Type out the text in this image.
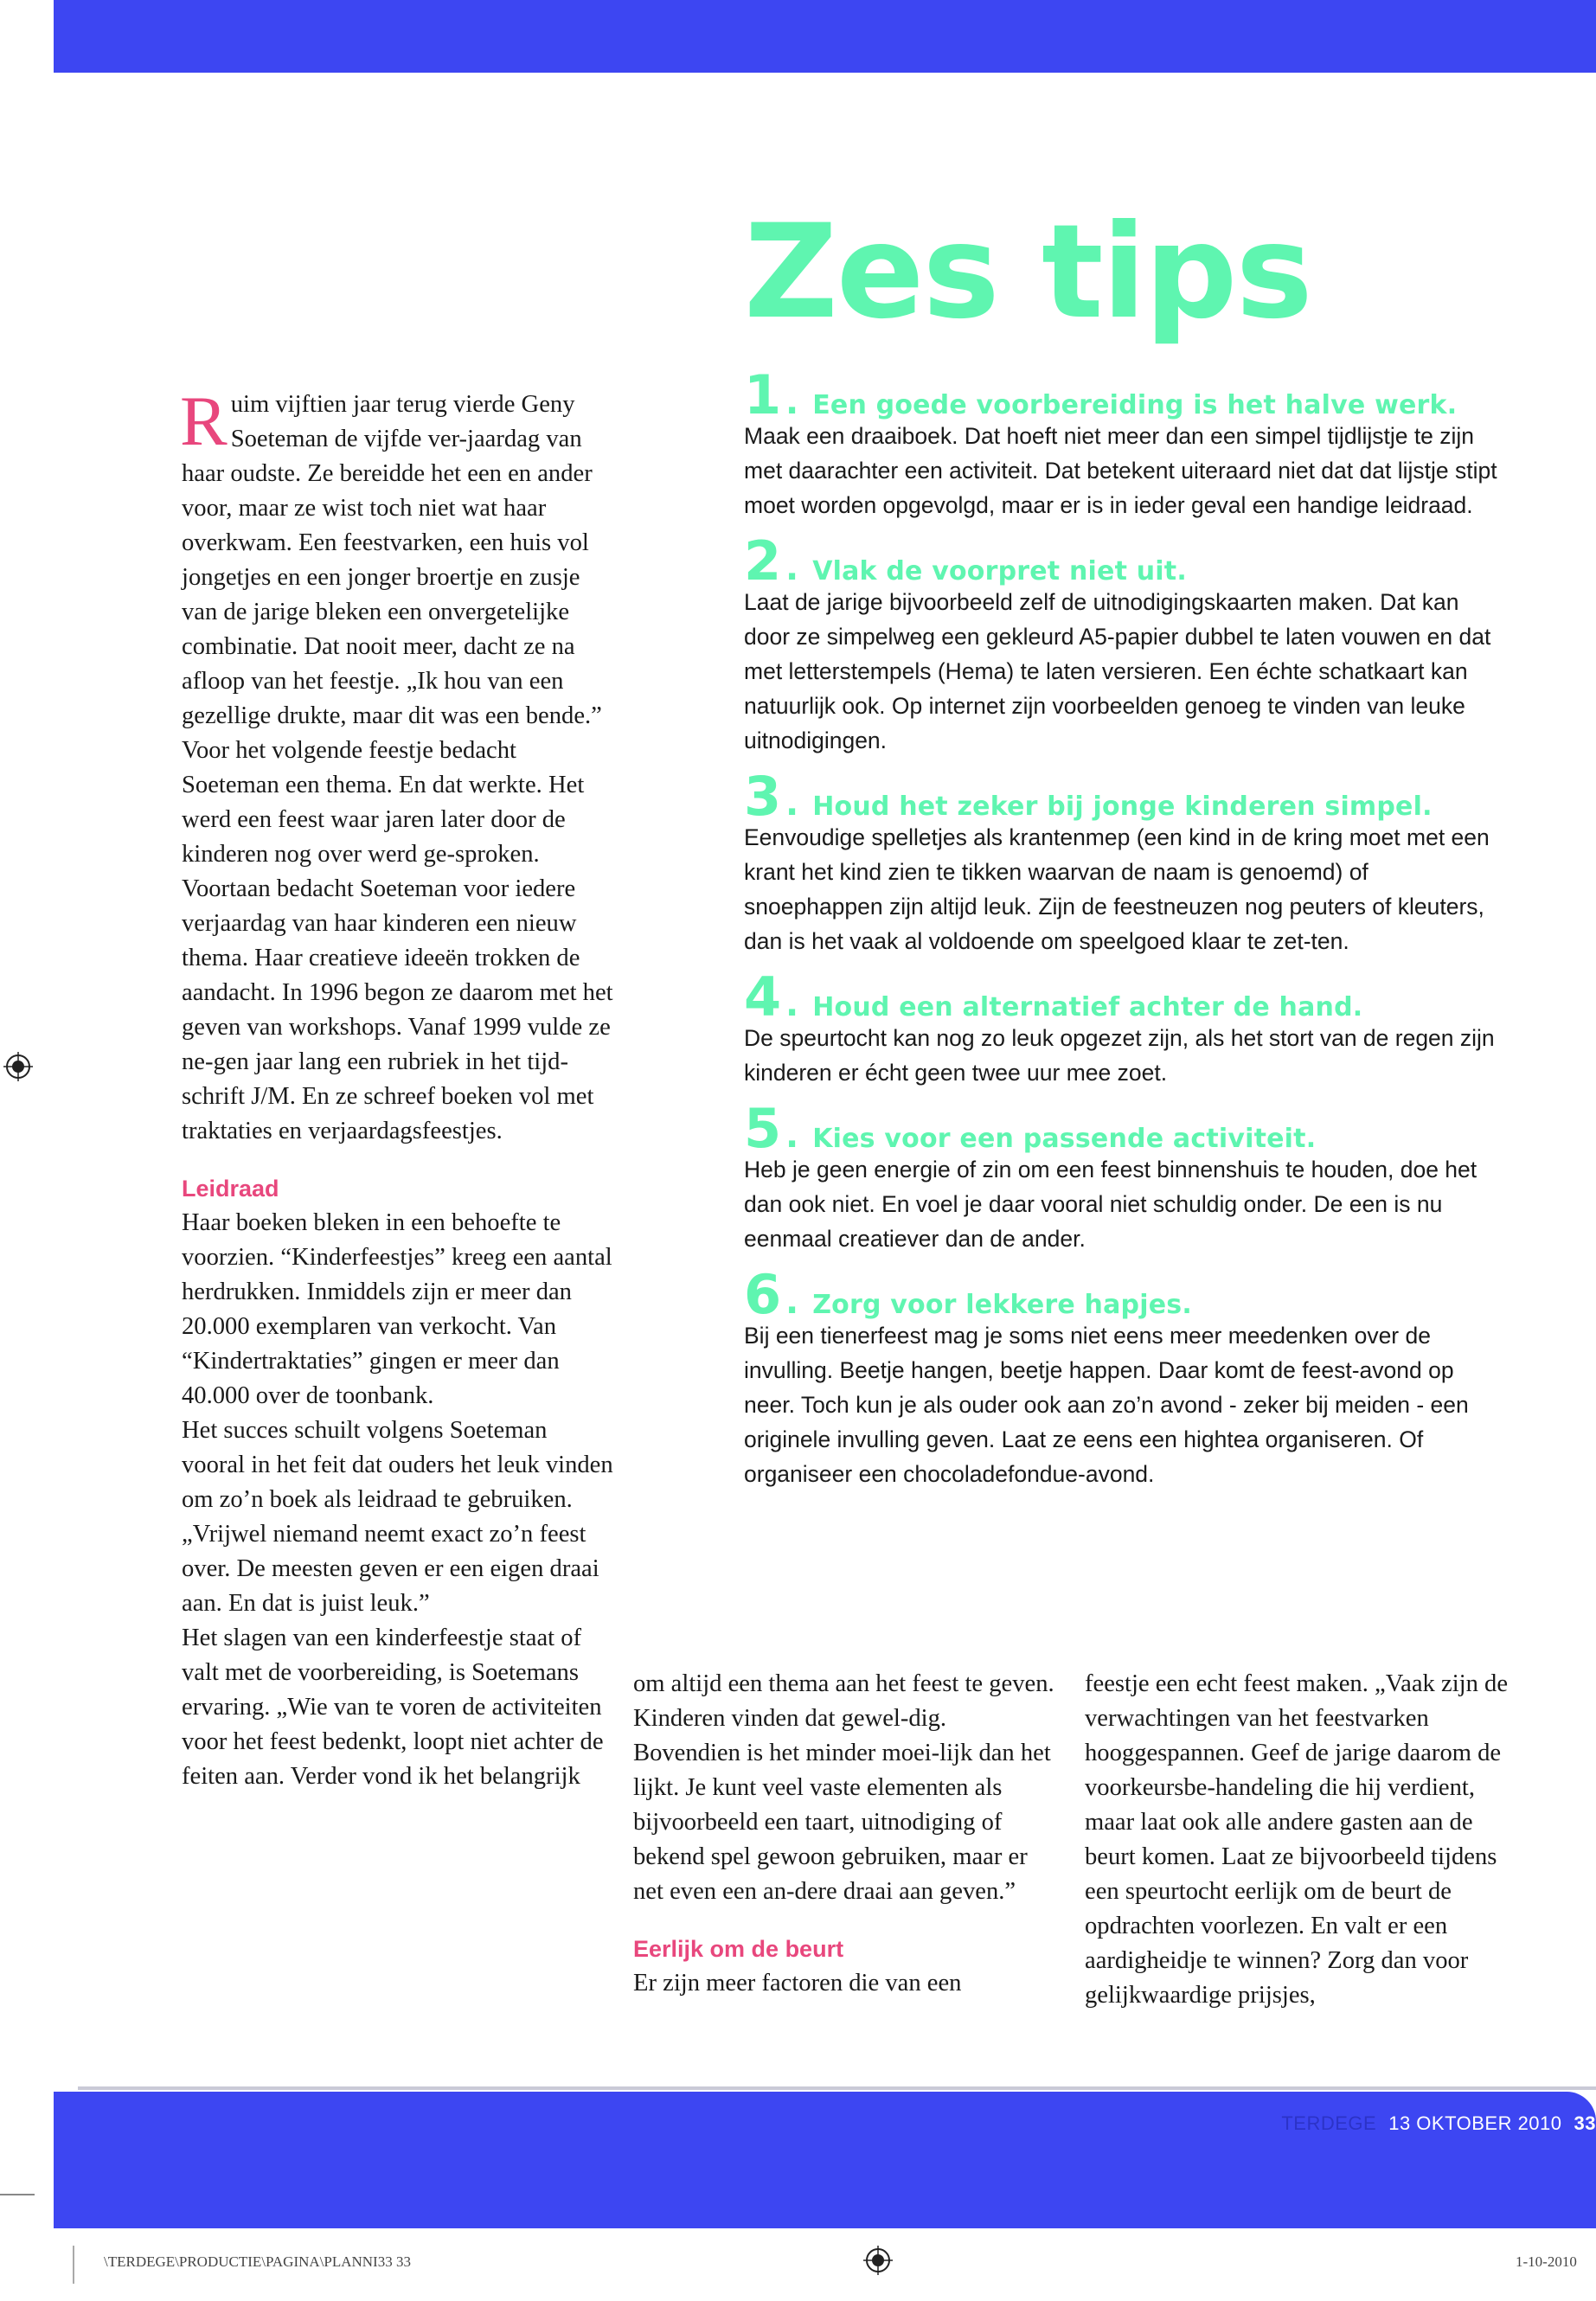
Zes tips

Ruim vijftien jaar terug vierde Geny Soeteman de vijfde ver-jaardag van haar oudste. Ze bereidde het een en ander voor, maar ze wist toch niet wat haar overkwam. Een feestvarken, een huis vol jongetjes en een jonger broertje en zusje van de jarige bleken een onvergetelijke combinatie. Dat nooit meer, dacht ze na afloop van het feestje. „Ik hou van een gezellige drukte, maar dit was een bende.”

Voor het volgende feestje bedacht Soeteman een thema. En dat werkte. Het werd een feest waar jaren later door de kinderen nog over werd ge-sproken.

Voortaan bedacht Soeteman voor iedere verjaardag van haar kinderen een nieuw thema. Haar creatieve ideeën trokken de aandacht. In 1996 begon ze daarom met het geven van workshops. Vanaf 1999 vulde ze ne-gen jaar lang een rubriek in het tijd-schrift J/M. En ze schreef boeken vol met traktaties en verjaardagsfeestjes.

Leidraad

Haar boeken bleken in een behoefte te voorzien. “Kinderfeestjes” kreeg een aantal herdrukken. Inmiddels zijn er meer dan 20.000 exemplaren van verkocht. Van “Kindertraktaties” gingen er meer dan 40.000 over de toonbank.

Het succes schuilt volgens Soeteman vooral in het feit dat ouders het leuk vinden om zo’n boek als leidraad te gebruiken. „Vrijwel niemand neemt exact zo’n feest over. De meesten geven er een eigen draai aan. En dat is juist leuk.”

Het slagen van een kinderfeestje staat of valt met de voorbereiding, is Soetemans ervaring. „Wie van te voren de activiteiten voor het feest bedenkt, loopt niet achter de feiten aan. Verder vond ik het belangrijk

1 . Een goede voorbereiding is het halve werk.

Maak een draaiboek. Dat hoeft niet meer dan een simpel tijdlijstje te zijn met daarachter een activiteit. Dat betekent uiteraard niet dat dat lijstje stipt moet worden opgevolgd, maar er is in ieder geval een handige leidraad.

2 . Vlak de voorpret niet uit.

Laat de jarige bijvoorbeeld zelf de uitnodigingskaarten maken. Dat kan door ze simpelweg een gekleurd A5-papier dubbel te laten vouwen en dat met letterstempels (Hema) te laten versieren. Een échte schatkaart kan natuurlijk ook. Op internet zijn voorbeelden genoeg te vinden van leuke uitnodigingen.

3 . Houd het zeker bij jonge kinderen simpel.

Eenvoudige spelletjes als krantenmep (een kind in de kring moet met een krant het kind zien te tikken waarvan de naam is genoemd) of snoephappen zijn altijd leuk. Zijn de feestneuzen nog peuters of kleuters, dan is het vaak al voldoende om speelgoed klaar te zet-ten.

4 . Houd een alternatief achter de hand.

De speurtocht kan nog zo leuk opgezet zijn, als het stort van de regen zijn kinderen er écht geen twee uur mee zoet.

5 . Kies voor een passende activiteit.

Heb je geen energie of zin om een feest binnenshuis te houden, doe het dan ook niet. En voel je daar vooral niet schuldig onder. De een is nu eenmaal creatiever dan de ander.

6 . Zorg voor lekkere hapjes.

Bij een tienerfeest mag je soms niet eens meer meedenken over de invulling. Beetje hangen, beetje happen. Daar komt de feest-avond op neer. Toch kun je als ouder ook aan zo’n avond - zeker bij meiden - een originele invulling geven. Laat ze eens een hightea organiseren. Of organiseer een chocoladefondue-avond.

om altijd een thema aan het feest te geven. Kinderen vinden dat gewel-dig. Bovendien is het minder moei-lijk dan het lijkt. Je kunt veel vaste elementen als bijvoorbeeld een taart, uitnodiging of bekend spel gewoon gebruiken, maar er net even een an-dere draai aan geven.”

Eerlijk om de beurt

Er zijn meer factoren die van een

feestje een echt feest maken. „Vaak zijn de verwachtingen van het feestvarken hooggespannen. Geef de jarige daarom de voorkeursbe-handeling die hij verdient, maar laat ook alle andere gasten aan de beurt komen. Laat ze bijvoorbeeld tijdens een speurtocht eerlijk om de beurt de opdrachten voorlezen. En valt er een aardigheidje te winnen? Zorg dan voor gelijkwaardige prijsjes,

TERDEGE 13 OKTOBER 2010 33
\TERDEGE\PRODUCTIE\PAGINA\PLANNI33 33	1-10-2010
